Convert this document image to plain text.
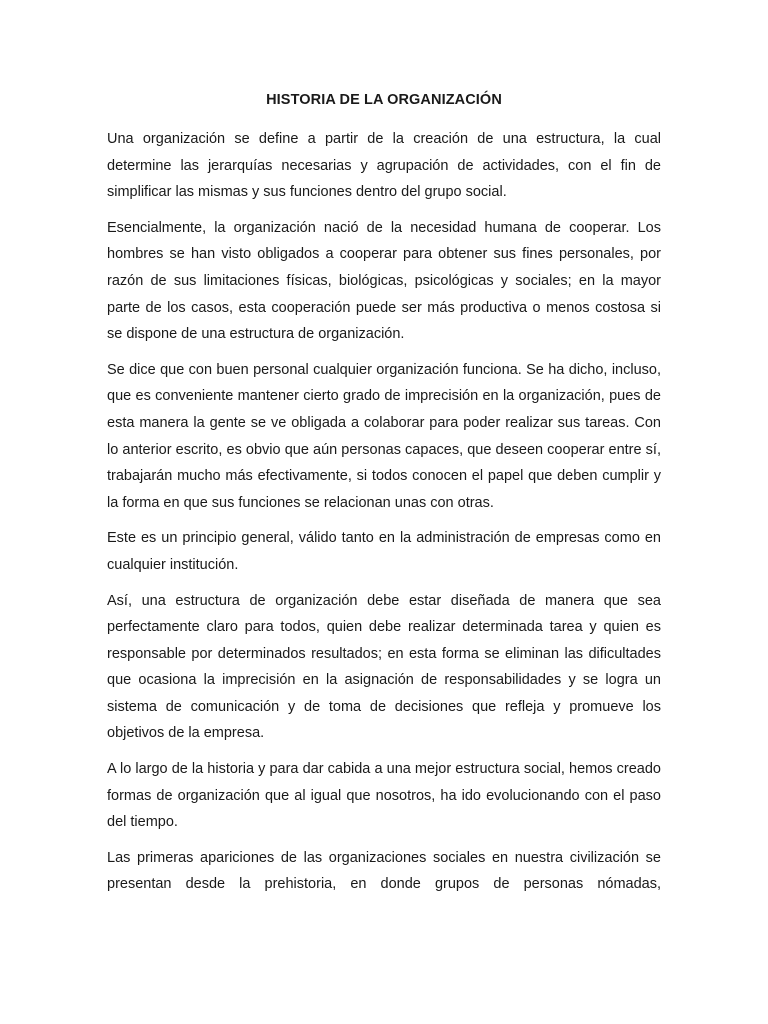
HISTORIA DE LA ORGANIZACIÓN

Una organización se define a partir de la creación de una estructura, la cual determine las jerarquías necesarias y agrupación de actividades, con el fin de simplificar las mismas y sus funciones dentro del grupo social.

Esencialmente, la organización nació de la necesidad humana de cooperar. Los hombres se han visto obligados a cooperar para obtener sus fines personales, por razón de sus limitaciones físicas, biológicas, psicológicas y sociales; en la mayor parte de los casos, esta cooperación puede ser más productiva o menos costosa si se dispone de una estructura de organización.

Se dice que con buen personal cualquier organización funciona. Se ha dicho, incluso, que es conveniente mantener cierto grado de imprecisión en la organización, pues de esta manera la gente se ve obligada a colaborar para poder realizar sus tareas. Con lo anterior escrito, es obvio que aún personas capaces, que deseen cooperar entre sí, trabajarán mucho más efectivamente, si todos conocen el papel que deben cumplir y la forma en que sus funciones se relacionan unas con otras.

Este es un principio general, válido tanto en la administración de empresas como en cualquier institución.

Así, una estructura de organización debe estar diseñada de manera que sea perfectamente claro para todos, quien debe realizar determinada tarea y quien es responsable por determinados resultados; en esta forma se eliminan las dificultades que ocasiona la imprecisión en la asignación de responsabilidades y se logra un sistema de comunicación y de toma de decisiones que refleja y promueve los objetivos de la empresa.

A lo largo de la historia y para dar cabida a una mejor estructura social, hemos creado formas de organización que al igual que nosotros, ha ido evolucionando con el paso del tiempo.

Las primeras apariciones de las organizaciones sociales en nuestra civilización se presentan desde la prehistoria, en donde grupos de personas nómadas,
